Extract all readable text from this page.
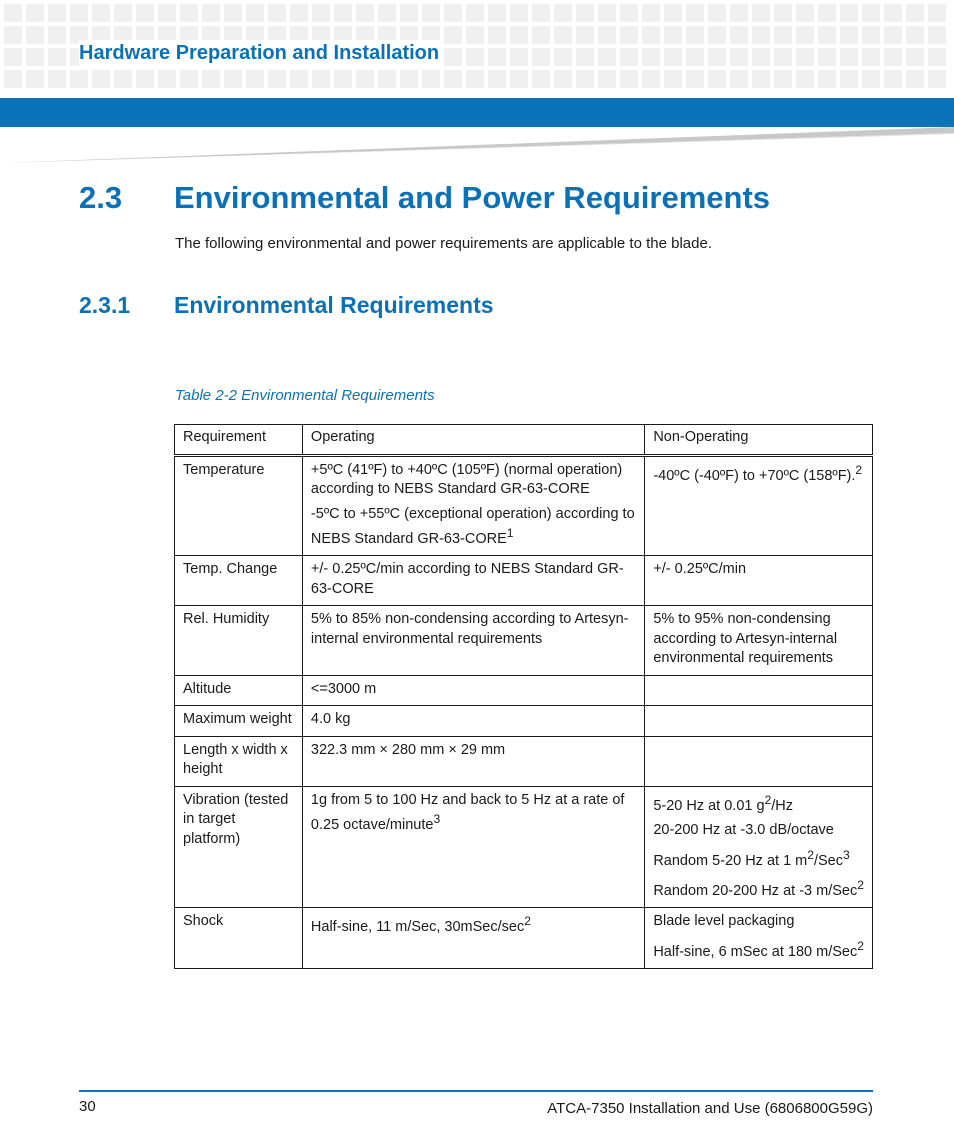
Hardware Preparation and Installation
2.3 Environmental and Power Requirements

The following environmental and power requirements are applicable to the blade.

2.3.1 Environmental Requirements
Table 2-2 Environmental Requirements
Requirement	Operating	Non-Operating
Temperature	+5ºC (41ºF) to +40ºC (105ºF) (normal operation) according to NEBS Standard GR-63-CORE
-5ºC to +55ºC (exceptional operation) according to NEBS Standard GR-63-CORE$^1$	-40ºC (-40ºF) to +70ºC (158ºF).$^2$

Temp. Change	+/- 0.25ºC/min according to NEBS Standard GR-63-CORE	+/- 0.25ºC/min

Rel. Humidity	5% to 85% non-condensing according to Artesyn-internal environmental requirements	5% to 95% non-condensing according to Artesyn-internal environmental requirements

Altitude	<=3000 m	

Maximum weight	4.0 kg	

Length x width x height	322.3 mm × 280 mm × 29 mm	

Vibration (tested in target platform)	1g from 5 to 100 Hz and back to 5 Hz at a rate of 0.25 octave/minute$^3$	5-20 Hz at 0.01 $g^2/Hz$
20-200 Hz at -3.0 dB/octave
Random 5-20 Hz at 1 $m^2/Sec^3$
Random 20-200 Hz at -3 m/Sec$^2$

Shock	Half-sine, 11 m/Sec, $30mSec/\sec^2$	Blade level packaging
Half-sine, 6 mSec at 180 m/Sec$^2$
30	ATCA-7350 Installation and Use (6806800G59G)
